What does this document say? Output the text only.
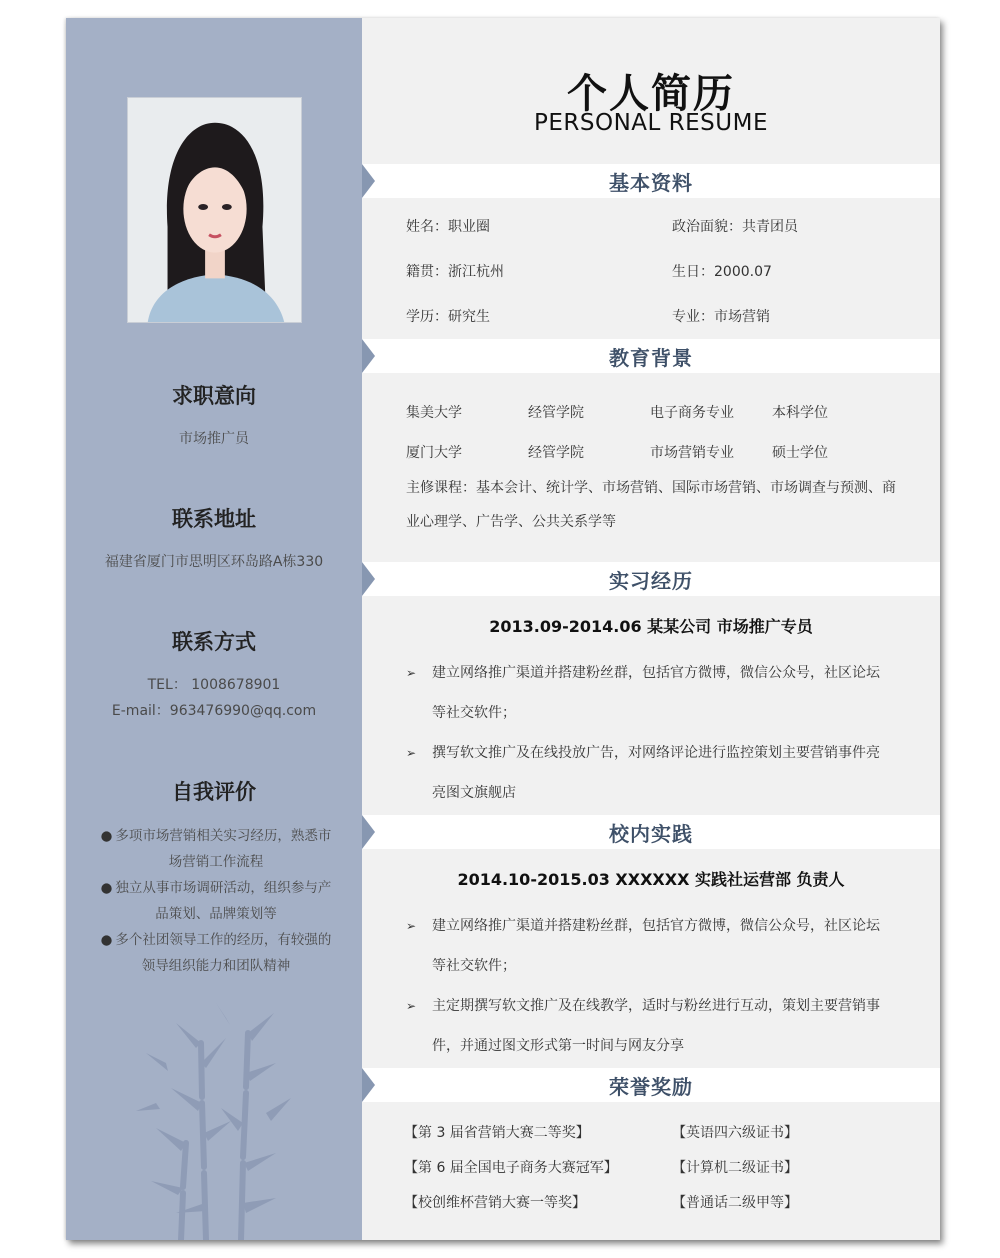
求职意向
市场推广员
联系地址
福建省厦门市思明区环岛路A栋330
联系方式
TEL： 1008678901
E-mail：963476990@qq.com
自我评价
● 多项市场营销相关实习经历，熟悉市
场营销工作流程
● 独立从事市场调研活动，组织参与产
品策划、品牌策划等
● 多个社团领导工作的经历，有较强的
领导组织能力和团队精神
个人简历
PERSONAL RESUME
基本资料
姓名：职业圈	政治面貌：共青团员
籍贯：浙江杭州	生日：2000.07
学历：研究生	专业：市场营销
教育背景
集美大学	经管学院	电子商务专业	本科学位
厦门大学	经管学院	市场营销专业	硕士学位
主修课程：基本会计、统计学、市场营销、国际市场营销、市场调查与预测、商
业心理学、广告学、公共关系学等
实习经历
2013.09-2014.06 某某公司 市场推广专员
➢	建立网络推广渠道并搭建粉丝群，包括官方微博，微信公众号，社区论坛
等社交软件；
➢	撰写软文推广及在线投放广告，对网络评论进行监控策划主要营销事件亮
亮图文旗舰店
校内实践
2014.10-2015.03 XXXXXX 实践社运营部 负责人
➢	建立网络推广渠道并搭建粉丝群，包括官方微博，微信公众号，社区论坛
等社交软件；
➢	主定期撰写软文推广及在线教学，适时与粉丝进行互动，策划主要营销事
件，并通过图文形式第一时间与网友分享
荣誉奖励
【第 3 届省营销大赛二等奖】	【英语四六级证书】
【第 6 届全国电子商务大赛冠军】	【计算机二级证书】
【校创维杯营销大赛一等奖】	【普通话二级甲等】
